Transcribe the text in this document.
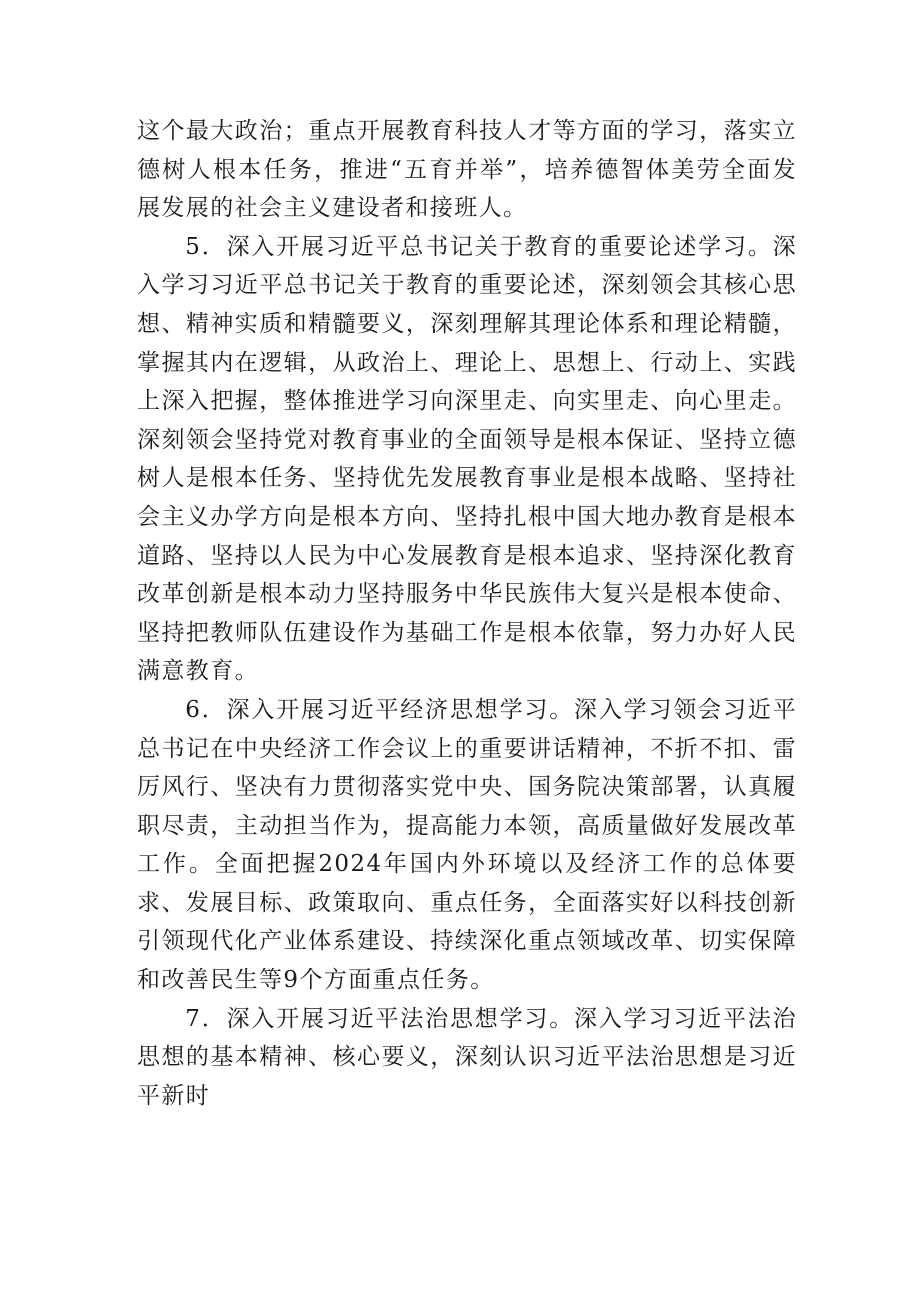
这个最大政治；重点开展教育科技人才等方面的学习，落实立德树人根本任务，推进“五育并举”，培养德智体美劳全面发展发展的社会主义建设者和接班人。

5．深入开展习近平总书记关于教育的重要论述学习。深入学习习近平总书记关于教育的重要论述，深刻领会其核心思想、精神实质和精髓要义，深刻理解其理论体系和理论精髓，掌握其内在逻辑，从政治上、理论上、思想上、行动上、实践上深入把握，整体推进学习向深里走、向实里走、向心里走。深刻领会坚持党对教育事业的全面领导是根本保证、坚持立德树人是根本任务、坚持优先发展教育事业是根本战略、坚持社会主义办学方向是根本方向、坚持扎根中国大地办教育是根本道路、坚持以人民为中心发展教育是根本追求、坚持深化教育改革创新是根本动力坚持服务中华民族伟大复兴是根本使命、坚持把教师队伍建设作为基础工作是根本依靠，努力办好人民满意教育。

6．深入开展习近平经济思想学习。深入学习领会习近平总书记在中央经济工作会议上的重要讲话精神，不折不扣、雷厉风行、坚决有力贯彻落实党中央、国务院决策部署，认真履职尽责，主动担当作为，提高能力本领，高质量做好发展改革工作。全面把握2024年国内外环境以及经济工作的总体要求、发展目标、政策取向、重点任务，全面落实好以科技创新引领现代化产业体系建设、持续深化重点领域改革、切实保障和改善民生等9个方面重点任务。

7．深入开展习近平法治思想学习。深入学习习近平法治思想的基本精神、核心要义，深刻认识习近平法治思想是习近平新时
